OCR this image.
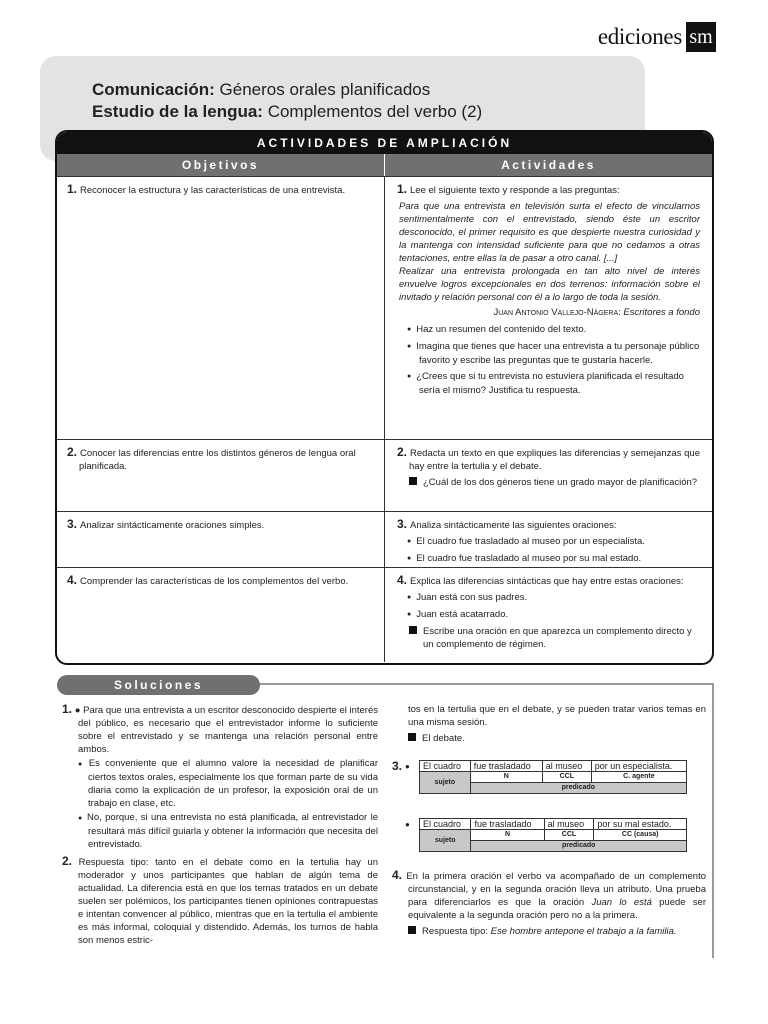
ediciones sm
Comunicación: Géneros orales planificados
Estudio de la lengua: Complementos del verbo (2)
ACTIVIDADES DE AMPLIACIÓN
Objetivos	Actividades

1. Reconocer la estructura y las características de una entrevista.	1. Lee el siguiente texto y responde a las preguntas:

Para que una entrevista en televisión surta el efecto de vincularnos sentimentalmente con el entrevistado, siendo éste un escritor desconocido, el primer requisito es que despierte nuestra curiosidad y la mantenga con intensidad suficiente para que no cedamos a otras tentaciones, entre ellas la de pasar a otro canal. [...]

Realizar una entrevista prolongada en tan alto nivel de interés envuelve logros excepcionales en dos terrenos: información sobre el invitado y relación personal con él a lo largo de toda la sesión.

Juan Antonio Vallejo-Nágera: Escritores a fondo

● Haz un resumen del contenido del texto.

● Imagina que tienes que hacer una entrevista a tu personaje público favorito y escribe las preguntas que te gustaría hacerle.

● ¿Crees que si tu entrevista no estuviera planificada el resultado sería el mismo? Justifica tu respuesta.

2. Conocer las diferencias entre los distintos géneros de lengua oral planificada.

2. Redacta un texto en que expliques las diferencias y semejanzas que hay entre la tertulia y el debate.

¿Cuál de los dos géneros tiene un grado mayor de planificación?

3. Analizar sintácticamente oraciones simples.	3. Analiza sintácticamente las siguientes oraciones:

● El cuadro fue trasladado al museo por un especialista.

● El cuadro fue trasladado al museo por su mal estado.

4. Comprender las características de los complementos del verbo.	4. Explica las diferencias sintácticas que hay entre estas oraciones:

● Juan está con sus padres.

● Juan está acatarrado.

Escribe una oración en que aparezca un complemento directo y un complemento de régimen.

Soluciones

1. ● Para que una entrevista a un escritor desconocido despierte el interés del público, es necesario que el entrevistador informe lo suficiente sobre el entrevistado y se mantenga una relación personal entre ambos.

● Es conveniente que el alumno valore la necesidad de planificar ciertos textos orales, especialmente los que forman parte de su vida diaria como la explicación de un profesor, la exposición oral de un trabajo en clase, etc.

● No, porque, si una entrevista no está planificada, al entrevistador le resultará más difícil guiarla y obtener la información que necesita del entrevistado.

2. Respuesta tipo: tanto en el debate como en la tertulia hay un moderador y unos participantes que hablan de algún tema de actualidad. La diferencia está en que los temas tratados en un debate suelen ser polémicos, los participantes tienen opiniones contrapuestas e intentan convencer al público, mientras que en la tertulia el ambiente es más informal, coloquial y distendido. Además, los turnos de habla son menos estric-

tos en la tertulia que en el debate, y se pueden tratar varios temas en una misma sesión.

El debate.

3. ● El cuadro	fue trasladado	al museo	por un especialista.
sujeto	N	CCL	C. agente
	predicado		
● El cuadro	fue trasladado	al museo	por su mal estado.
sujeto	N	CCL	CC (causa)
	predicado		

4. En la primera oración el verbo va acompañado de un complemento circunstancial, y en la segunda oración lleva un atributo. Una prueba para diferenciarlos es que la oración Juan lo está puede ser equivalente a la segunda oración pero no a la primera.

Respuesta tipo: Ese hombre antepone el trabajo a la familia.
